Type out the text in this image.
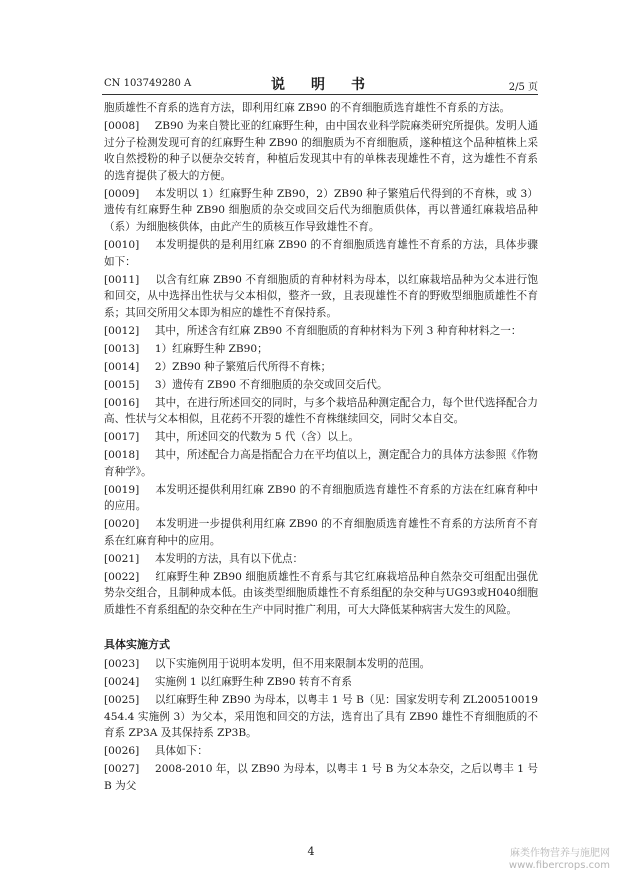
CN 103749280 A	说　明　书	2/5 页

胞质雄性不育系的选育方法，即利用红麻 ZB90 的不育细胞质选育雄性不育系的方法。

[0008]　 ZB90 为来自赞比亚的红麻野生种，由中国农业科学院麻类研究所提供。发明人通过分子检测发现可育的红麻野生种 ZB90 的细胞质为不育细胞质，遂种植这个品种植株上采收自然授粉的种子以便杂交转育，种植后发现其中有的单株表现雄性不育，这为雄性不育系的选育提供了极大的方便。

[0009]　 本发明以 1）红麻野生种 ZB90，2）ZB90 种子繁殖后代得到的不育株，或 3）遗传有红麻野生种 ZB90 细胞质的杂交或回交后代为细胞质供体，再以普通红麻栽培品种（系）为细胞核供体，由此产生的质核互作导致雄性不育。

[0010]　 本发明提供的是利用红麻 ZB90 的不育细胞质选育雄性不育系的方法，具体步骤如下：

[0011]　 以含有红麻 ZB90 不育细胞质的育种材料为母本，以红麻栽培品种为父本进行饱和回交，从中选择出性状与父本相似，整齐一致，且表现雄性不育的野败型细胞质雄性不育系；其回交所用父本即为相应的雄性不育保持系。

[0012]　 其中，所述含有红麻 ZB90 不育细胞质的育种材料为下列 3 种育种材料之一：

[0013]　 1）红麻野生种 ZB90；

[0014]　 2）ZB90 种子繁殖后代所得不育株；

[0015]　 3）遗传有 ZB90 不育细胞质的杂交或回交后代。

[0016]　 其中，在进行所述回交的同时，与多个栽培品种测定配合力，每个世代选择配合力高、性状与父本相似，且花药不开裂的雄性不育株继续回交，同时父本自交。

[0017]　 其中，所述回交的代数为 5 代（含）以上。

[0018]　 其中，所述配合力高是指配合力在平均值以上，测定配合力的具体方法参照《作物育种学》。

[0019]　 本发明还提供利用红麻 ZB90 的不育细胞质选育雄性不育系的方法在红麻育种中的应用。

[0020]　 本发明进一步提供利用红麻 ZB90 的不育细胞质选育雄性不育系的方法所育不育系在红麻育种中的应用。

[0021]　 本发明的方法，具有以下优点：

[0022]　 红麻野生种 ZB90 细胞质雄性不育系与其它红麻栽培品种自然杂交可组配出强优势杂交组合，且制种成本低。由该类型细胞质雄性不育系组配的杂交种与UG93或H040细胞质雄性不育系组配的杂交种在生产中同时推广利用，可大大降低某种病害大发生的风险。

具体实施方式

[0023]　 以下实施例用于说明本发明，但不用来限制本发明的范围。

[0024]　 实施例 1 以红麻野生种 ZB90 转育不育系

[0025]　 以红麻野生种 ZB90 为母本，以粤丰 1 号 B（见：国家发明专利 ZL200510019454.4 实施例 3）为父本，采用饱和回交的方法，选育出了具有 ZB90 雄性不育细胞质的不育系 ZP3A 及其保持系 ZP3B。

[0026]　 具体如下：

[0027]　 2008-2010 年，以 ZB90 为母本，以粤丰 1 号 B 为父本杂交，之后以粤丰 1 号 B 为父

4	麻类作物营养与施肥网
www.fibercrops.com
